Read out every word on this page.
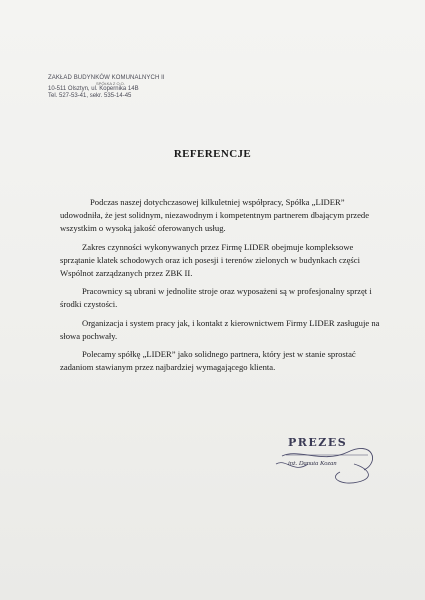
ZAKŁAD BUDYNKÓW KOMUNALNYCH II
SPÓŁKA Z O.O.
10-511 Olsztyn, ul. Kopernika 14B
Tel. 527-53-41, sekr. 535-14-45
REFERENCJE

Podczas naszej dotychczasowej kilkuletniej współpracy, Spółka „LIDER” udowodniła, że jest solidnym, niezawodnym i kompetentnym partnerem dbającym przede wszystkim o wysoką jakość oferowanych usług.

Zakres czynności wykonywanych przez Firmę LIDER obejmuje kompleksowe sprzątanie klatek schodowych oraz ich posesji i terenów zielonych w budynkach części Wspólnot zarządzanych przez ZBK II.

Pracownicy są ubrani w jednolite stroje oraz wyposażeni są w profesjonalny sprzęt i środki czystości.

Organizacja i system pracy jak, i kontakt z kierownictwem Firmy LIDER zasługuje na słowa pochwały.

Polecamy spółkę „LIDER” jako solidnego partnera, który jest w stanie sprostać zadaniom stawianym przez najbardziej wymagającego klienta.

PREZES
inż. Danuta Kozan
